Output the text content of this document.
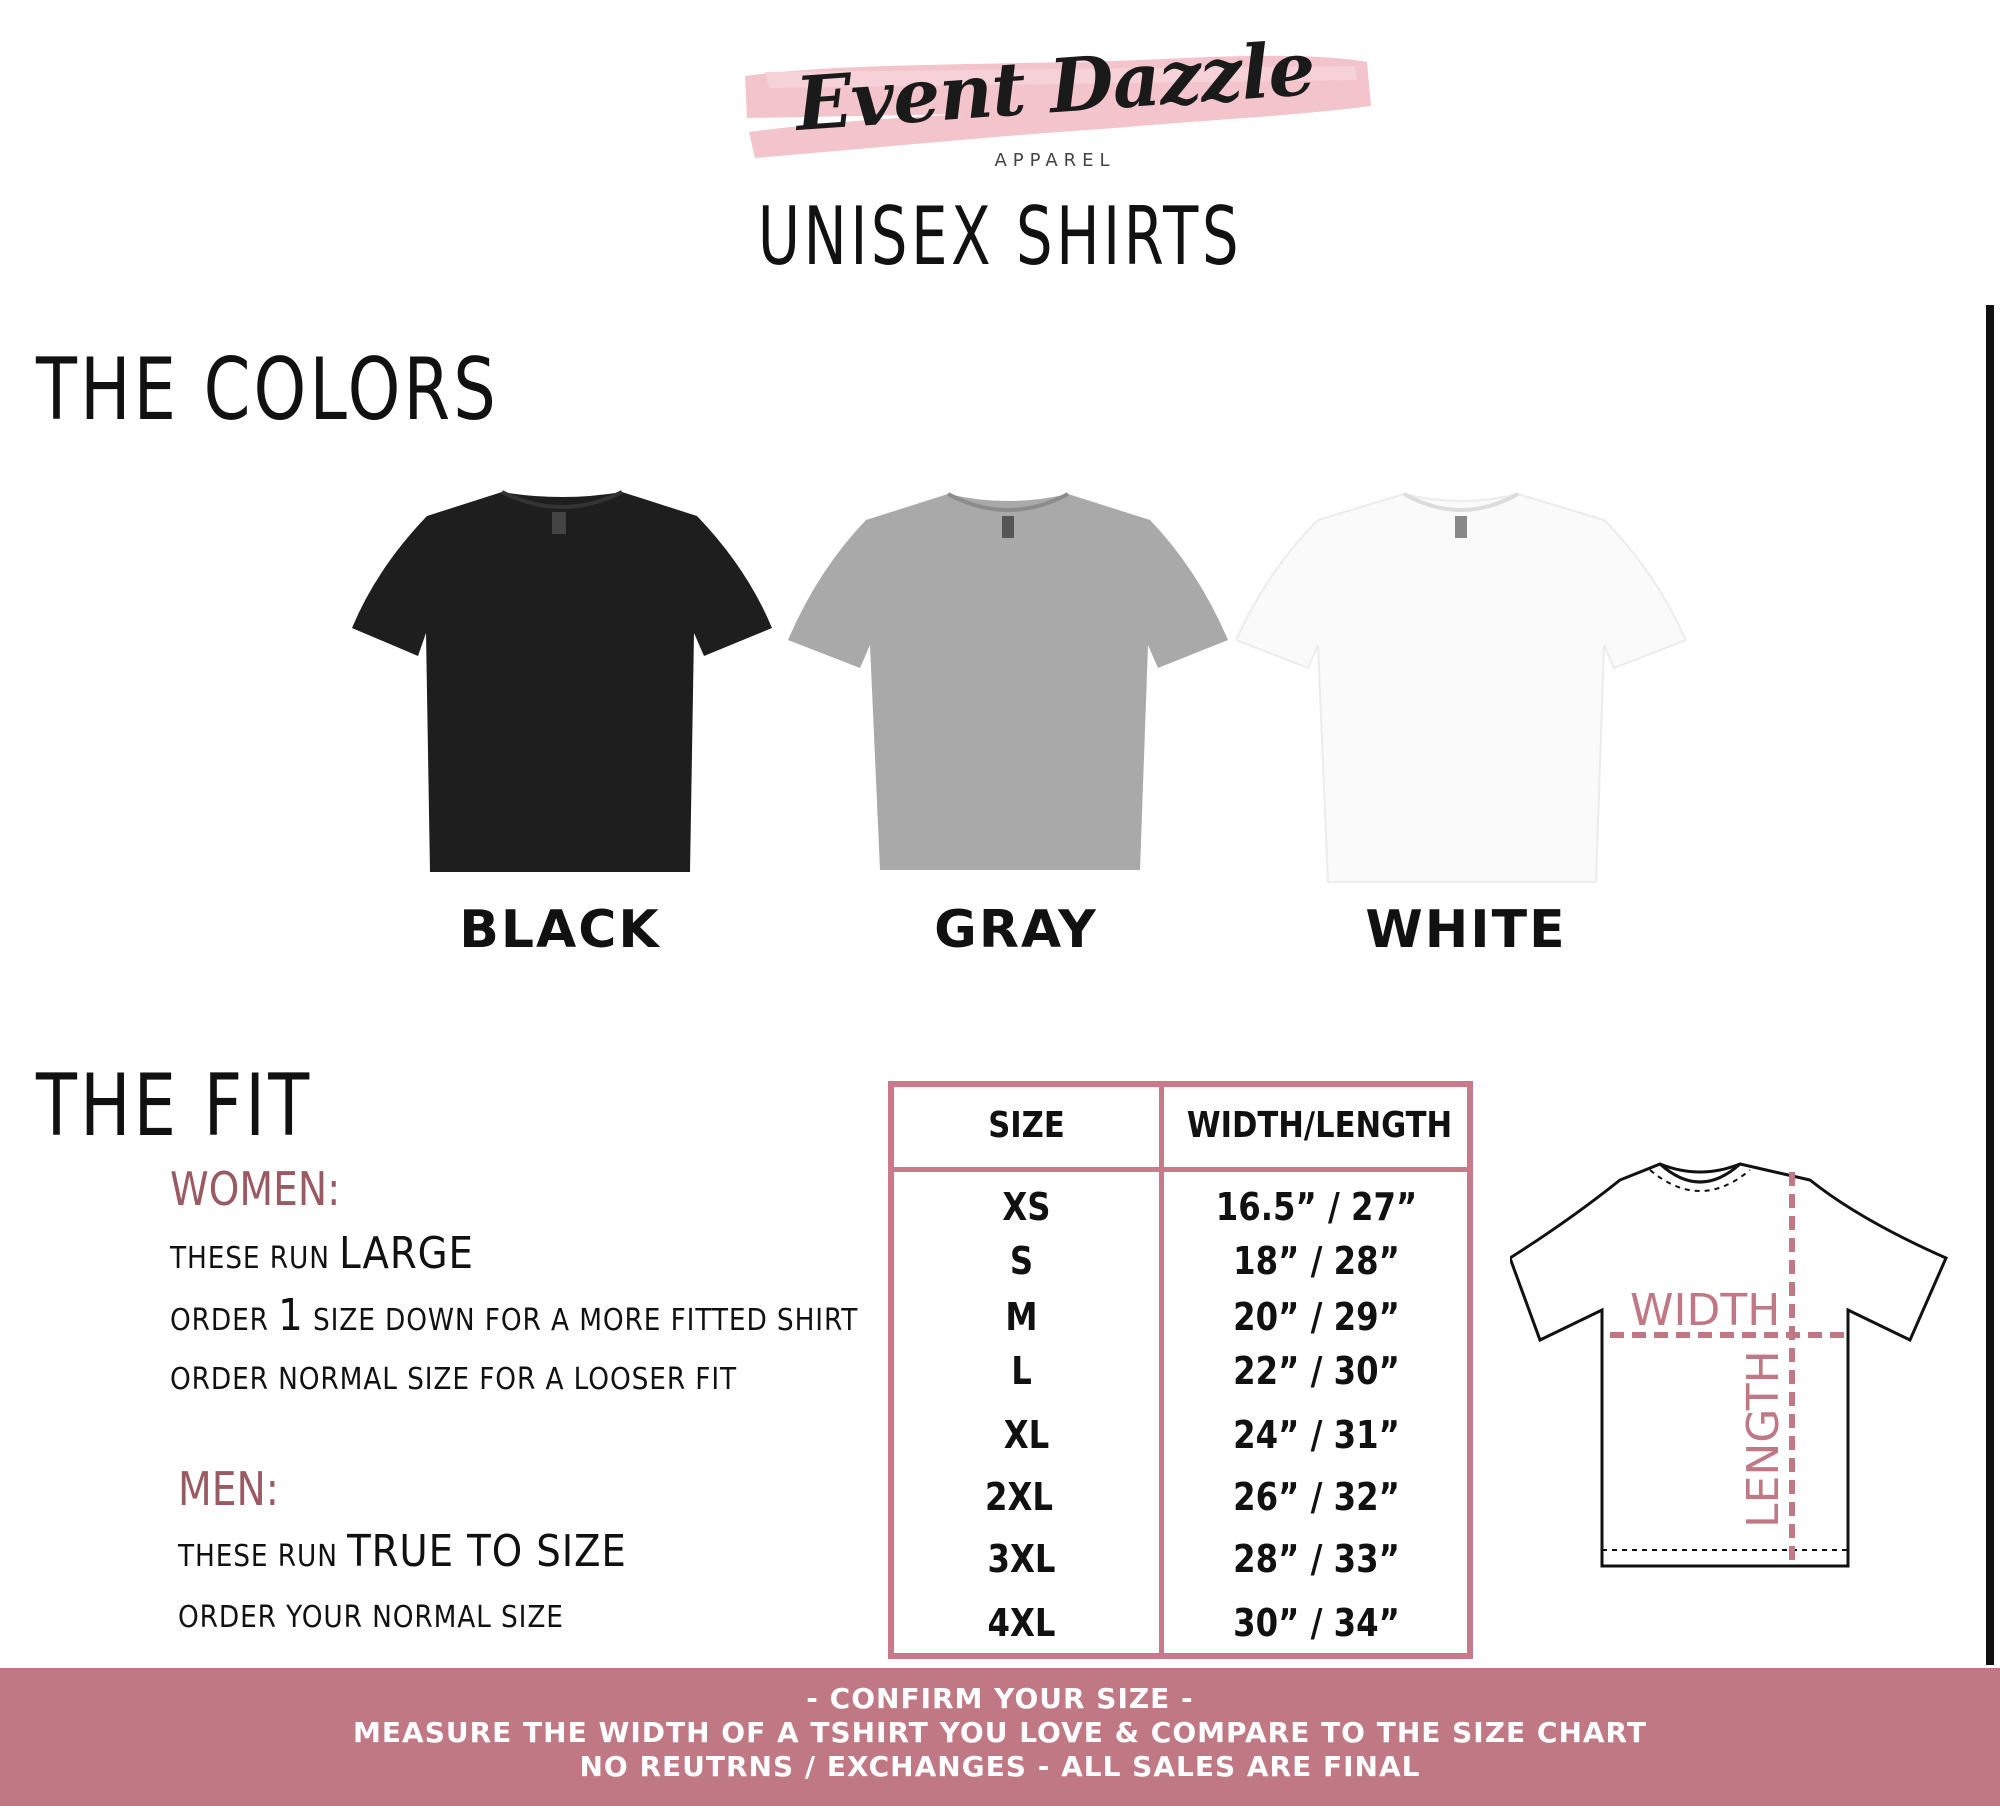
Event Dazzle
APPAREL
UNISEX SHIRTS
THE COLORS
BLACK	GRAY	WHITE
THE FIT
WOMEN:
THESE RUN LARGE
ORDER 1 SIZE DOWN FOR A MORE FITTED SHIRT
ORDER NORMAL SIZE FOR A LOOSER FIT
MEN:
THESE RUN TRUE TO SIZE
ORDER YOUR NORMAL SIZE
SIZE	WIDTH/LENGTH
XS	16.5” / 27”
S	18” / 28”
M	20” / 29”
L	22” / 30”
XL	24” / 31”
2XL	26” / 32”
3XL	28” / 33”
4XL	30” / 34”
WIDTH
LENGTH
- CONFIRM YOUR SIZE -
MEASURE THE WIDTH OF A TSHIRT YOU LOVE & COMPARE TO THE SIZE CHART
NO REUTRNS / EXCHANGES - ALL SALES ARE FINAL
